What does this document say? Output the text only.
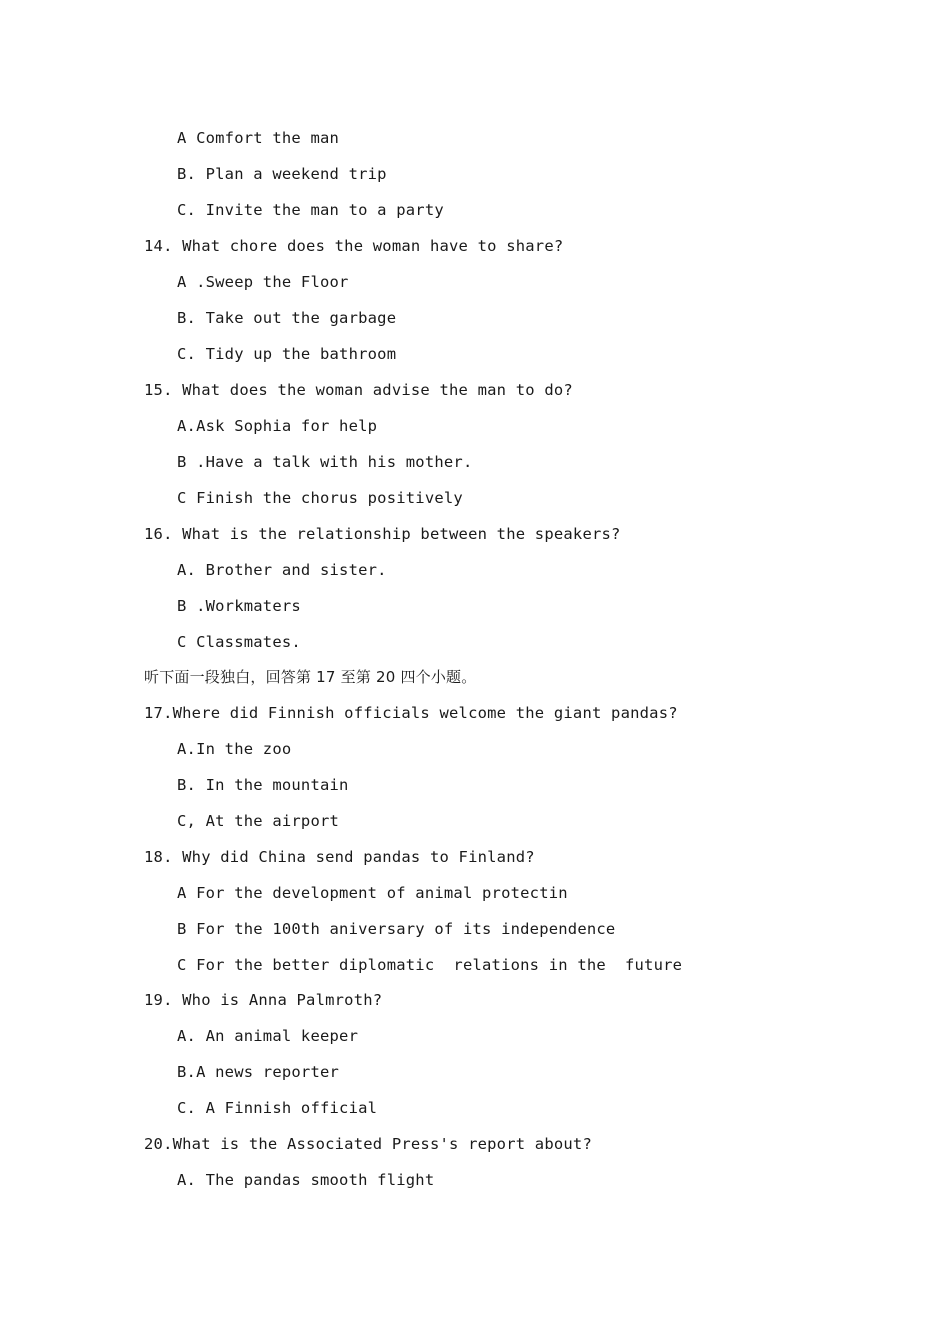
A Comfort the man
B. Plan a weekend trip
C. Invite the man to a party
14. What chore does the woman have to share?
A .Sweep the Floor
B. Take out the garbage
C. Tidy up the bathroom
15. What does the woman advise the man to do?
A.Ask Sophia for help
B .Have a talk with his mother.
C Finish the chorus positively
16. What is the relationship between the speakers?
A. Brother and sister.
B .Workmaters
C Classmates.
听下面一段独白，回答第 17 至第 20 四个小题。
17.Where did Finnish officials welcome the giant pandas?
A.In the zoo
B. In the mountain
C, At the airport
18. Why did China send pandas to Finland?
A For the development of animal protectin
B For the 100th aniversary of its independence
C For the better diplomatic  relations in the  future
19. Who is Anna Palmroth?
A. An animal keeper
B.A news reporter
C. A Finnish official
20.What is the Associated Press's report about?
A. The pandas smooth flight
